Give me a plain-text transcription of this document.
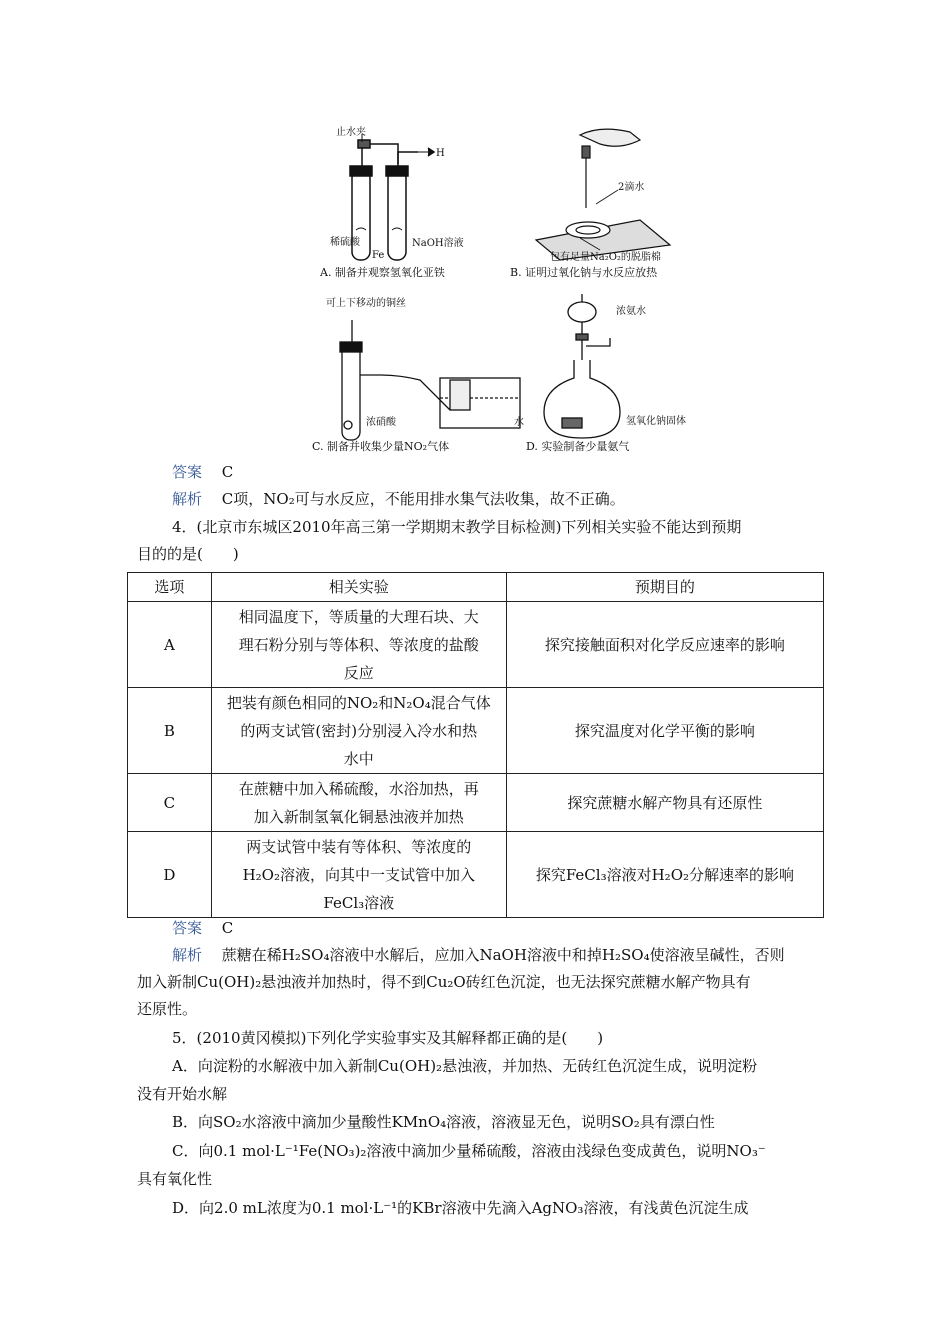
止水夹
H
稀硫酸
Fe
NaOH溶液
A. 制备并观察氢氧化亚铁
2滴水
包有足量Na₂O₂的脱脂棉
B. 证明过氧化钠与水反应放热
可上下移动的铜丝
浓硝酸	水
C. 制备并收集少量NO₂气体
浓氨水
氢氧化钠固体
D. 实验制备少量氨气
答案　 C
解析　 C项，NO₂可与水反应，不能用排水集气法收集，故不正确。
4．(北京市东城区2010年高三第一学期期末教学目标检测)下列相关实验不能达到预期
目的的是(　　)
选项	相关实验	预期目的
A	相同温度下，等质量的大理石块、大
理石粉分别与等体积、等浓度的盐酸
反应	探究接触面积对化学反应速率的影响
B	把装有颜色相同的NO₂和N₂O₄混合气体
的两支试管(密封)分别浸入冷水和热
水中	探究温度对化学平衡的影响
C	在蔗糖中加入稀硫酸，水浴加热，再
加入新制氢氧化铜悬浊液并加热	探究蔗糖水解产物具有还原性
D	两支试管中装有等体积、等浓度的
H₂O₂溶液，向其中一支试管中加入
FeCl₃溶液	探究FeCl₃溶液对H₂O₂分解速率的影响
答案　 C
解析　 蔗糖在稀H₂SO₄溶液中水解后，应加入NaOH溶液中和掉H₂SO₄使溶液呈碱性，否则
加入新制Cu(OH)₂悬浊液并加热时，得不到Cu₂O砖红色沉淀，也无法探究蔗糖水解产物具有
还原性。
5．(2010黄冈模拟)下列化学实验事实及其解释都正确的是(　　)
A．向淀粉的水解液中加入新制Cu(OH)₂悬浊液，并加热、无砖红色沉淀生成，说明淀粉
没有开始水解
B．向SO₂水溶液中滴加少量酸性KMnO₄溶液，溶液显无色，说明SO₂具有漂白性
C．向0.1 mol·L⁻¹Fe(NO₃)₂溶液中滴加少量稀硫酸，溶液由浅绿色变成黄色，说明NO₃⁻
具有氧化性
D．向2.0 mL浓度为0.1 mol·L⁻¹的KBr溶液中先滴入AgNO₃溶液，有浅黄色沉淀生成
